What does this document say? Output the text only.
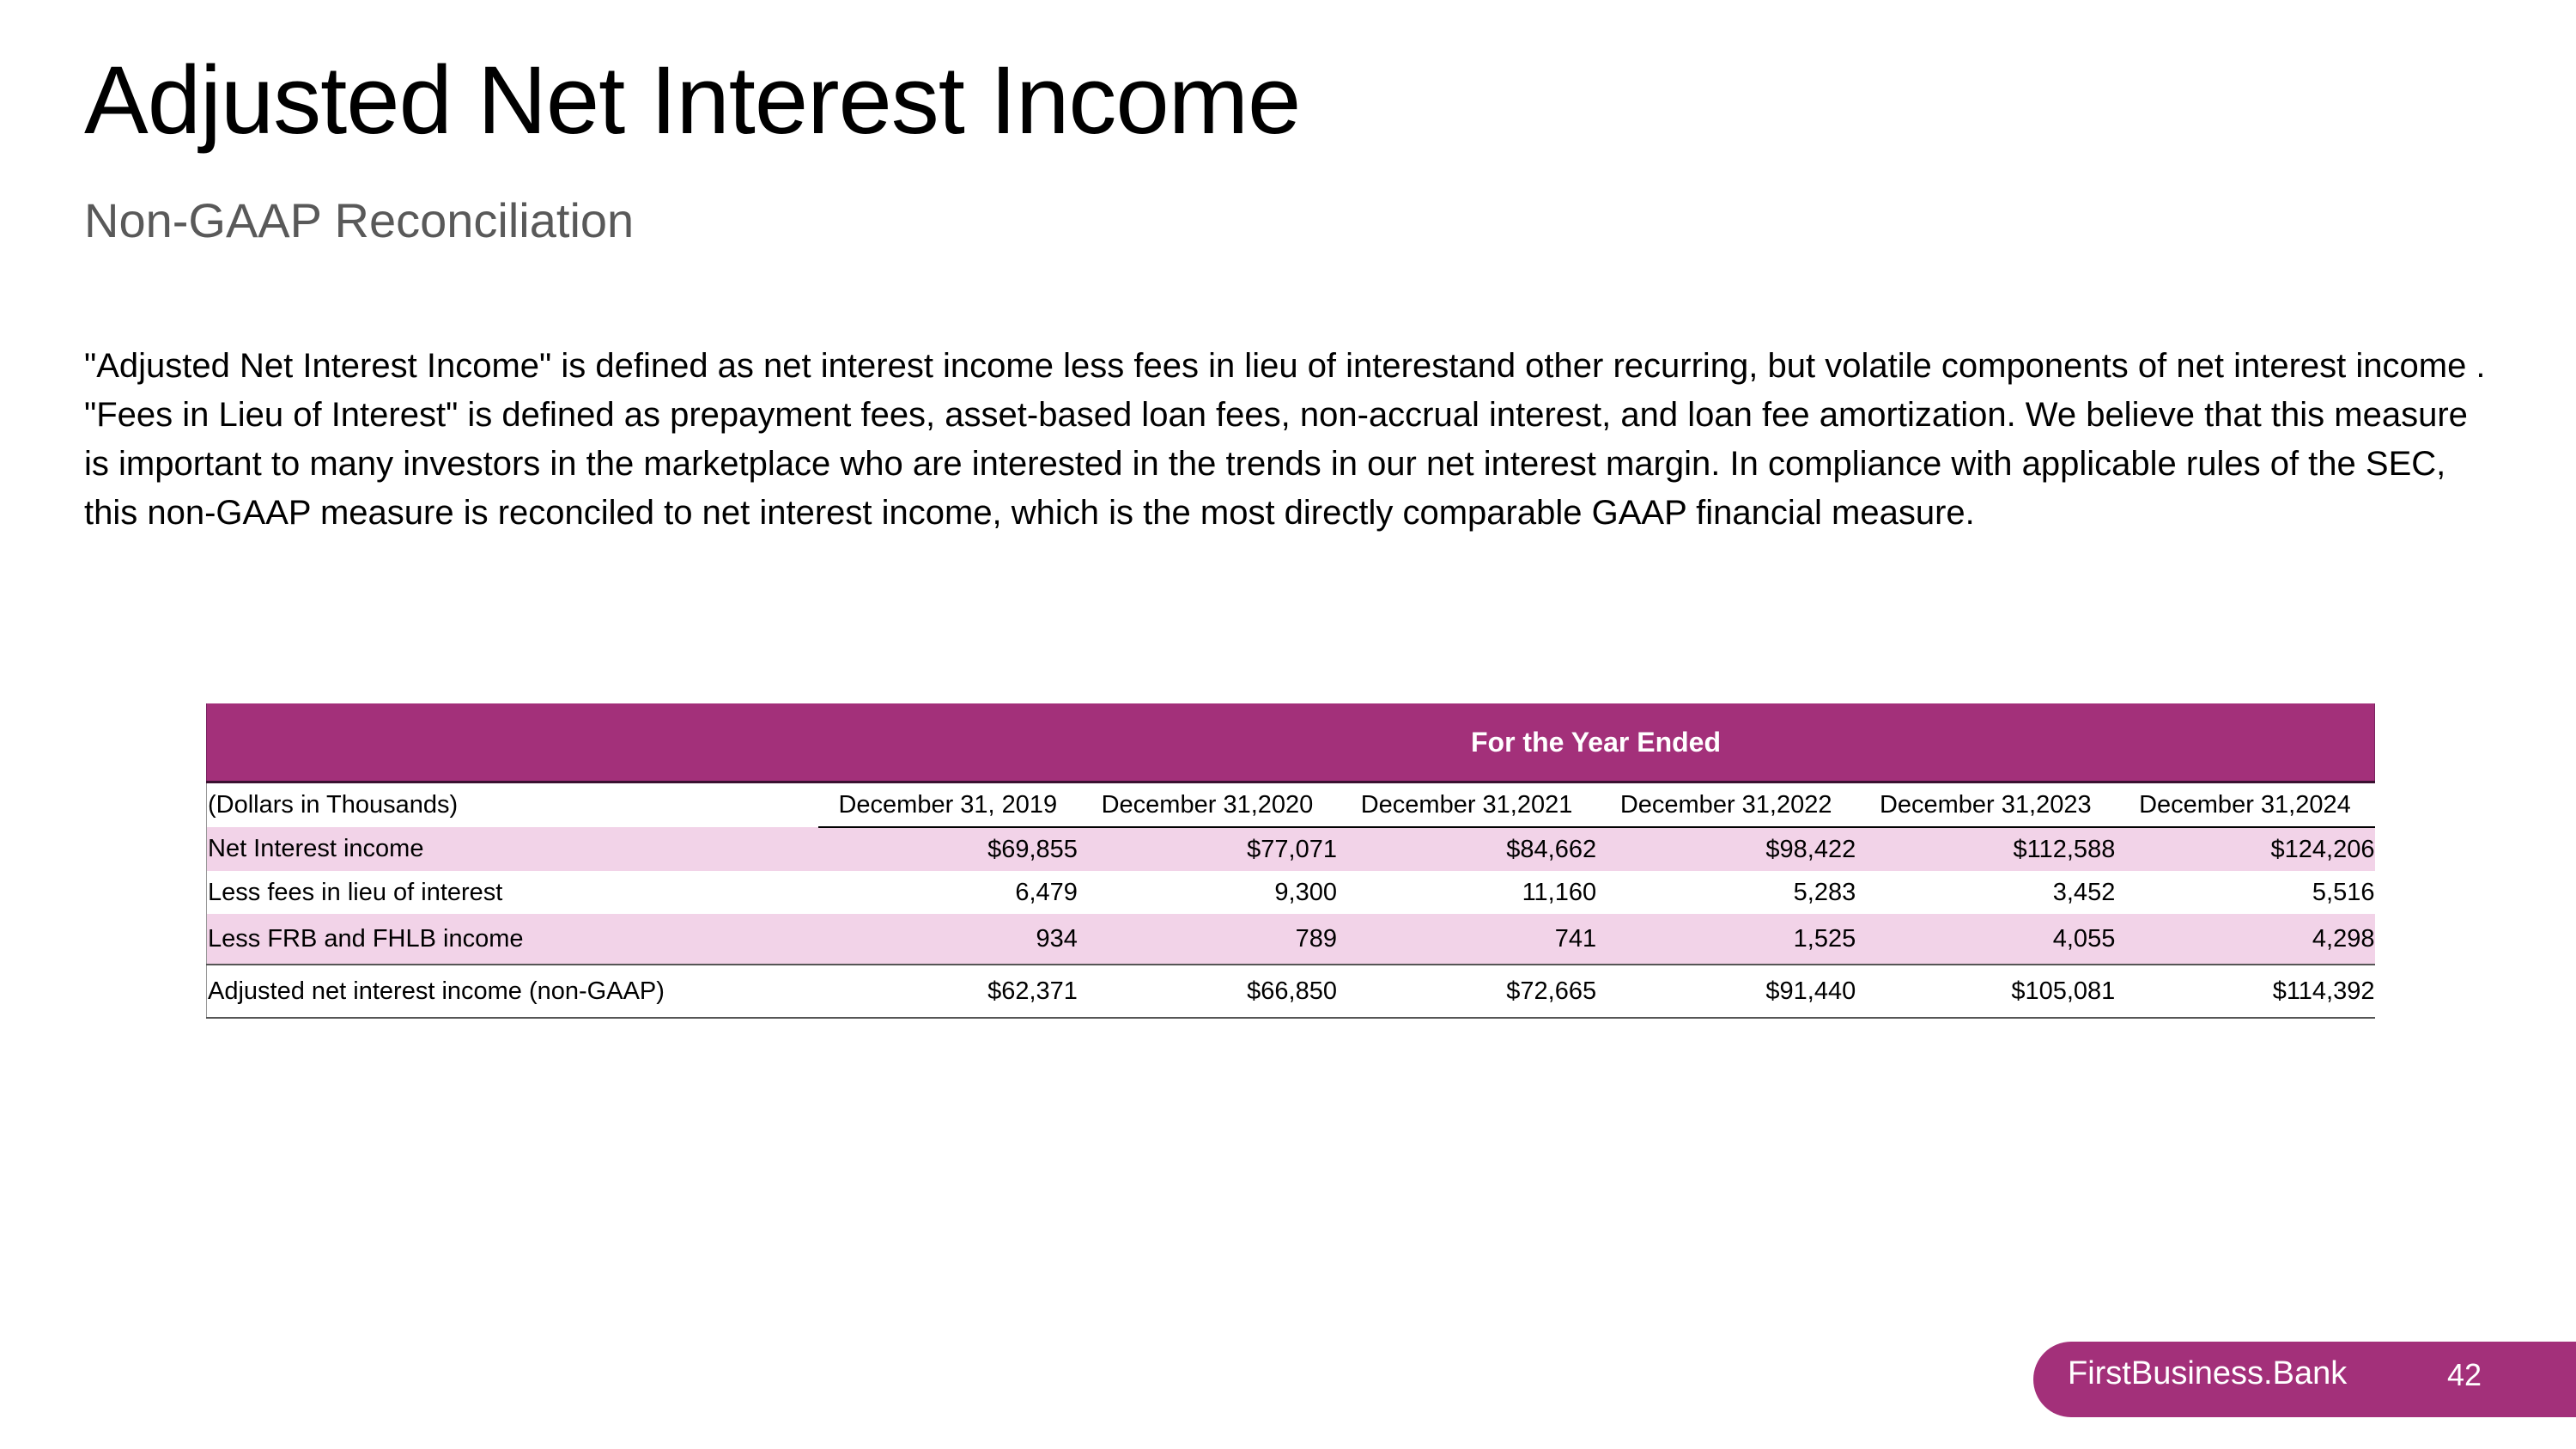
Adjusted Net Interest Income
Non-GAAP Reconciliation

"Adjusted Net Interest Income" is defined as net interest income less fees in lieu of interestand other recurring, but volatile components of net interest income . "Fees in Lieu of Interest" is defined as prepayment fees, asset-based loan fees, non-accrual interest, and loan fee amortization. We believe that this measure is important to many investors in the marketplace who are interested in the trends in our net interest margin. In compliance with applicable rules of the SEC, this non-GAAP measure is reconciled to net interest income, which is the most directly comparable GAAP financial measure.

For the Year Ended						
(Dollars in Thousands)	December 31, 2019	December 31,2020	December 31,2021	December 31,2022	December 31,2023	December 31,2024
Net Interest income	$69,855	$77,071	$84,662	$98,422	$112,588	$124,206
Less fees in lieu of interest	6,479	9,300	11,160	5,283	3,452	5,516
Less FRB and FHLB income	934	789	741	1,525	4,055	4,298
Adjusted net interest income (non-GAAP)	$62,371	$66,850	$72,665	$91,440	$105,081	$114,392
FirstBusiness.Bank	42
